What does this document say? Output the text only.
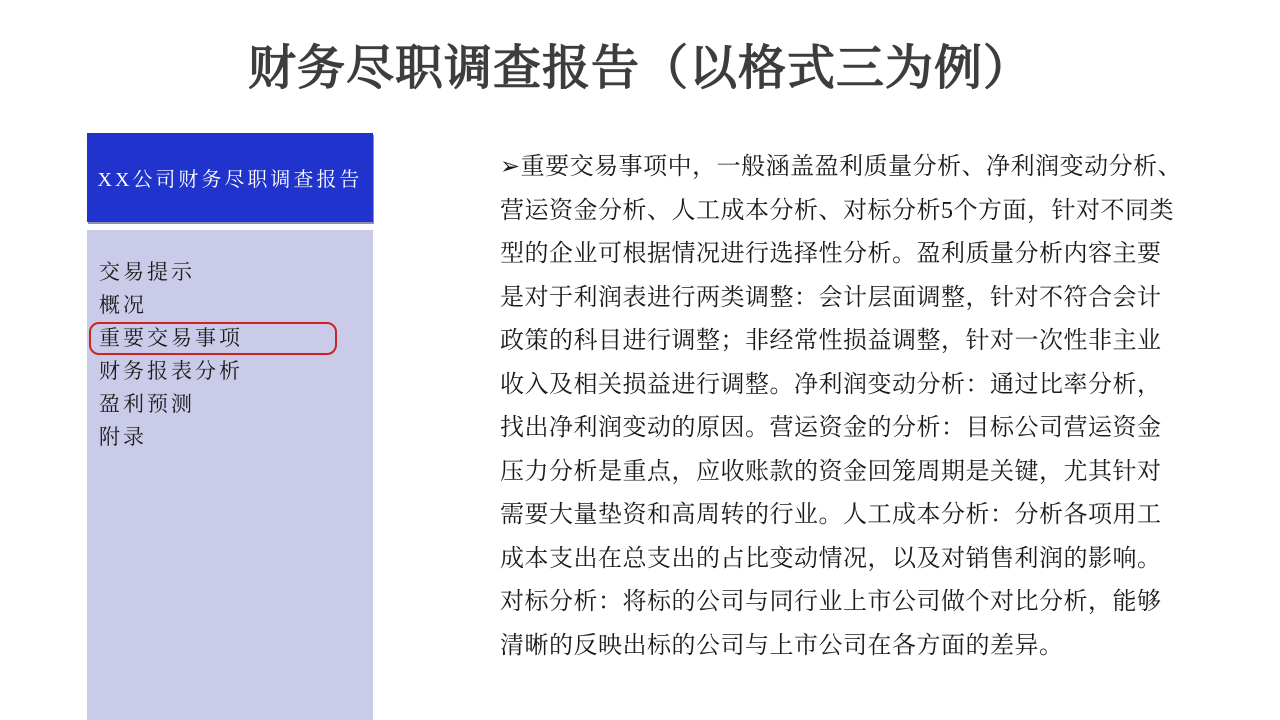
财务尽职调查报告（以格式三为例）
XX公司财务尽职调查报告
交易提示
概况
重要交易事项
财务报表分析
盈利预测
附录
➢重要交易事项中，一般涵盖盈利质量分析、净利润变动分析、
营运资金分析、人工成本分析、对标分析5个方面，针对不同类
型的企业可根据情况进行选择性分析。盈利质量分析内容主要
是对于利润表进行两类调整：会计层面调整，针对不符合会计
政策的科目进行调整；非经常性损益调整，针对一次性非主业
收入及相关损益进行调整。净利润变动分析：通过比率分析，
找出净利润变动的原因。营运资金的分析：目标公司营运资金
压力分析是重点，应收账款的资金回笼周期是关键，尤其针对
需要大量垫资和高周转的行业。人工成本分析：分析各项用工
成本支出在总支出的占比变动情况，以及对销售利润的影响。
对标分析：将标的公司与同行业上市公司做个对比分析，能够
清晰的反映出标的公司与上市公司在各方面的差异。
